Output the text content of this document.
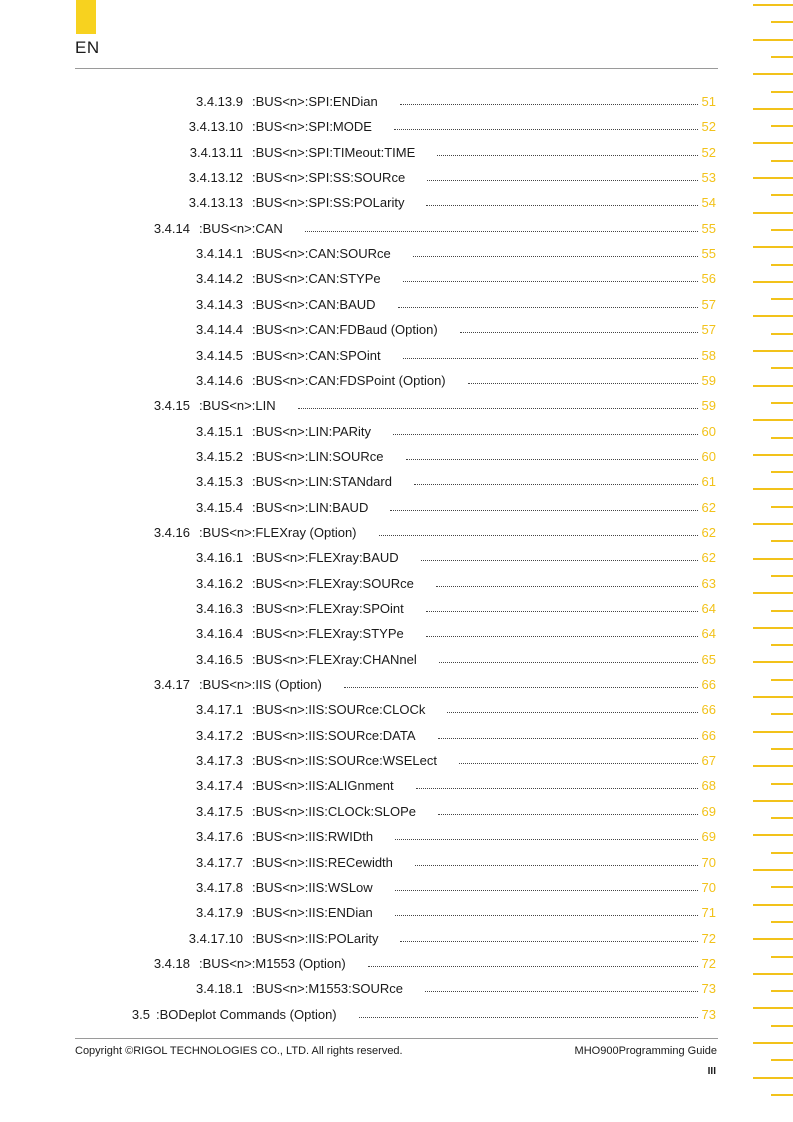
EN
3.4.13.9 :BUS<n>:SPI:ENDian	51
3.4.13.10 :BUS<n>:SPI:MODE	52
3.4.13.11 :BUS<n>:SPI:TIMeout:TIME	52
3.4.13.12 :BUS<n>:SPI:SS:SOURce	53
3.4.13.13 :BUS<n>:SPI:SS:POLarity	54
3.4.14 :BUS<n>:CAN	55
3.4.14.1 :BUS<n>:CAN:SOURce	55
3.4.14.2 :BUS<n>:CAN:STYPe	56
3.4.14.3 :BUS<n>:CAN:BAUD	57
3.4.14.4 :BUS<n>:CAN:FDBaud (Option)	57
3.4.14.5 :BUS<n>:CAN:SPOint	58
3.4.14.6 :BUS<n>:CAN:FDSPoint (Option)	59
3.4.15 :BUS<n>:LIN	59
3.4.15.1 :BUS<n>:LIN:PARity	60
3.4.15.2 :BUS<n>:LIN:SOURce	60
3.4.15.3 :BUS<n>:LIN:STANdard	61
3.4.15.4 :BUS<n>:LIN:BAUD	62
3.4.16 :BUS<n>:FLEXray (Option)	62
3.4.16.1 :BUS<n>:FLEXray:BAUD	62
3.4.16.2 :BUS<n>:FLEXray:SOURce	63
3.4.16.3 :BUS<n>:FLEXray:SPOint	64
3.4.16.4 :BUS<n>:FLEXray:STYPe	64
3.4.16.5 :BUS<n>:FLEXray:CHANnel	65
3.4.17 :BUS<n>:IIS (Option)	66
3.4.17.1 :BUS<n>:IIS:SOURce:CLOCk	66
3.4.17.2 :BUS<n>:IIS:SOURce:DATA	66
3.4.17.3 :BUS<n>:IIS:SOURce:WSELect	67
3.4.17.4 :BUS<n>:IIS:ALIGnment	68
3.4.17.5 :BUS<n>:IIS:CLOCk:SLOPe	69
3.4.17.6 :BUS<n>:IIS:RWIDth	69
3.4.17.7 :BUS<n>:IIS:RECewidth	70
3.4.17.8 :BUS<n>:IIS:WSLow	70
3.4.17.9 :BUS<n>:IIS:ENDian	71
3.4.17.10 :BUS<n>:IIS:POLarity	72
3.4.18 :BUS<n>:M1553 (Option)	72
3.4.18.1 :BUS<n>:M1553:SOURce	73
3.5 :BODeplot Commands (Option)	73
Copyright ©RIGOL TECHNOLOGIES CO., LTD. All rights reserved.	MHO900Programming Guide
III
